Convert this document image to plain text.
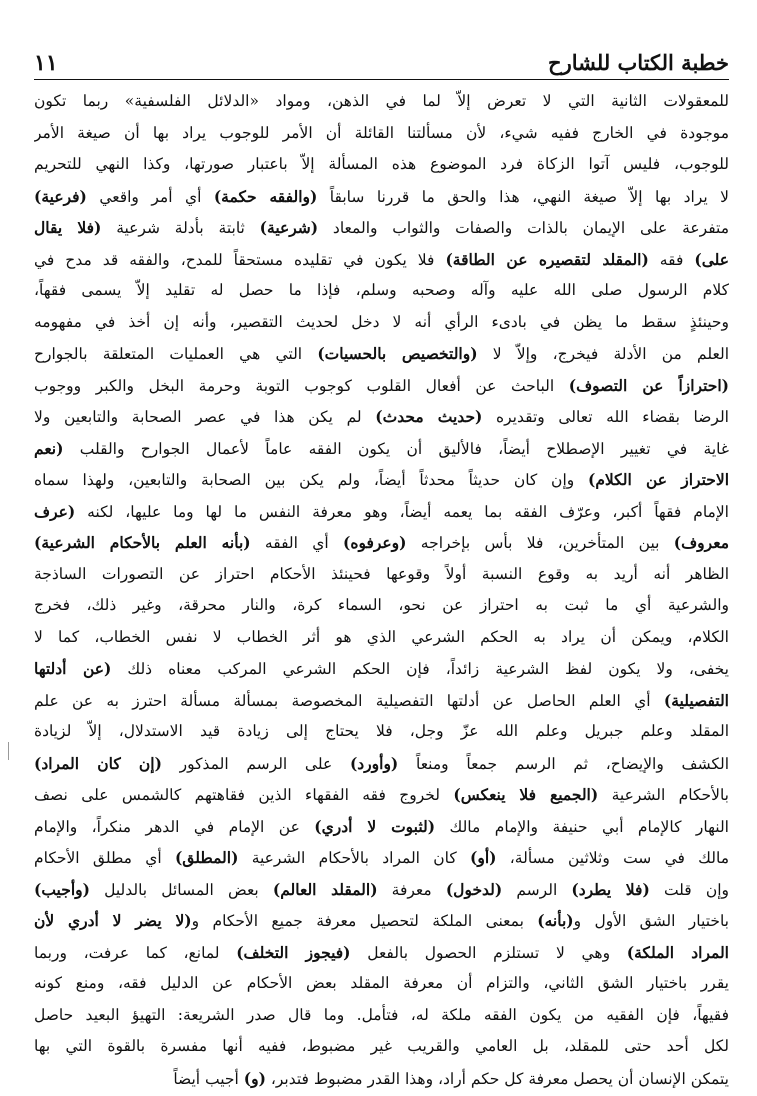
خطبة الكتاب للشارح
١١
للمعقولات الثانية التي لا تعرض إلاّ لما في الذهن، ومواد «الدلائل الفلسفية» ربما تكون
موجودة في الخارج ففيه شيء، لأن مسألتنا القائلة أن الأمر للوجوب يراد بها أن صيغة الأمر
للوجوب، فليس آتوا الزكاة فرد الموضوع هذه المسألة إلاّ باعتبار صورتها، وكذا النهي للتحريم
لا يراد بها إلاّ صيغة النهي، هذا والحق ما قررنا سابقاً (والفقه حكمة) أي أمر واقعي (فرعية)
متفرعة على الإيمان بالذات والصفات والثواب والمعاد (شرعية) ثابتة بأدلة شرعية (فلا يقال
على) فقه (المقلد لتقصيره عن الطاقة) فلا يكون في تقليده مستحقاً للمدح، والفقه قد مدح في
كلام الرسول صلى الله عليه وآله وصحبه وسلم، فإذا ما حصل له تقليد إلاّ يسمى فقهاً،
وحينئذٍ سقط ما يظن في بادىء الرأي أنه لا دخل لحديث التقصير، وأنه إن أخذ في مفهومه
العلم من الأدلة فيخرج، وإلاّ لا (والتخصيص بالحسيات) التي هي العمليات المتعلقة بالجوارح
(احترازاً عن التصوف) الباحث عن أفعال القلوب كوجوب التوبة وحرمة البخل والكبر ووجوب
الرضا بقضاء الله تعالى وتقديره (حديث محدث) لم يكن هذا في عصر الصحابة والتابعين ولا
غاية في تغيير الإصطلاح أيضاً، فالأليق أن يكون الفقه عاماً لأعمال الجوارح والقلب (نعم
الاحتراز عن الكلام) وإن كان حديثاً محدثاً أيضاً، ولم يكن بين الصحابة والتابعين، ولهذا سماه
الإمام فقهاً أكبر، وعرّف الفقه بما يعمه أيضاً، وهو معرفة النفس ما لها وما عليها، لكنه (عرف
معروف) بين المتأخرين، فلا بأس بإخراجه (وعرفوه) أي الفقه (بأنه العلم بالأحكام الشرعية)
الظاهر أنه أريد به وقوع النسبة أولاً وقوعها فحينئذ الأحكام احتراز عن التصورات الساذجة
والشرعية أي ما ثبت به احتراز عن نحو، السماء كرة، والنار محرقة، وغير ذلك، فخرج
الكلام، ويمكن أن يراد به الحكم الشرعي الذي هو أثر الخطاب لا نفس الخطاب، كما لا
يخفى، ولا يكون لفظ الشرعية زائداً، فإن الحكم الشرعي المركب معناه ذلك (عن أدلتها
التفصيلية) أي العلم الحاصل عن أدلتها التفصيلية المخصوصة بمسألة مسألة احترز به عن علم
المقلد وعلم جبريل وعلم الله عزّ وجل، فلا يحتاج إلى زيادة قيد الاستدلال، إلاّ لزيادة
الكشف والإيضاح، ثم الرسم جمعاً ومنعاً (وأورد) على الرسم المذكور (إن كان المراد)
بالأحكام الشرعية (الجميع فلا ينعكس) لخروج فقه الفقهاء الذين فقاهتهم كالشمس على نصف
النهار كالإمام أبي حنيفة والإمام مالك (لثبوت لا أدري) عن الإمام في الدهر منكراً، والإمام
مالك في ست وثلاثين مسألة، (أو) كان المراد بالأحكام الشرعية (المطلق) أي مطلق الأحكام
وإن قلت (فلا يطرد) الرسم (لدخول) معرفة (المقلد العالم) بعض المسائل بالدليل (وأجيب)
باختيار الشق الأول و(بأنه) بمعنى الملكة لتحصيل معرفة جميع الأحكام و(لا يضر لا أدري لأن
المراد الملكة) وهي لا تستلزم الحصول بالفعل (فيجوز التخلف) لمانع، كما عرفت، وربما
يقرر باختيار الشق الثاني، والتزام أن معرفة المقلد بعض الأحكام عن الدليل فقه، ومنع كونه
فقيهاً، فإن الفقيه من يكون الفقه ملكة له، فتأمل. وما قال صدر الشريعة: التهيؤ البعيد حاصل
لكل أحد حتى للمقلد، بل العامي والقريب غير مضبوط، ففيه أنها مفسرة بالقوة التي بها
يتمكن الإنسان أن يحصل معرفة كل حكم أراد، وهذا القدر مضبوط فتدبر، (و) أجيب أيضاً
